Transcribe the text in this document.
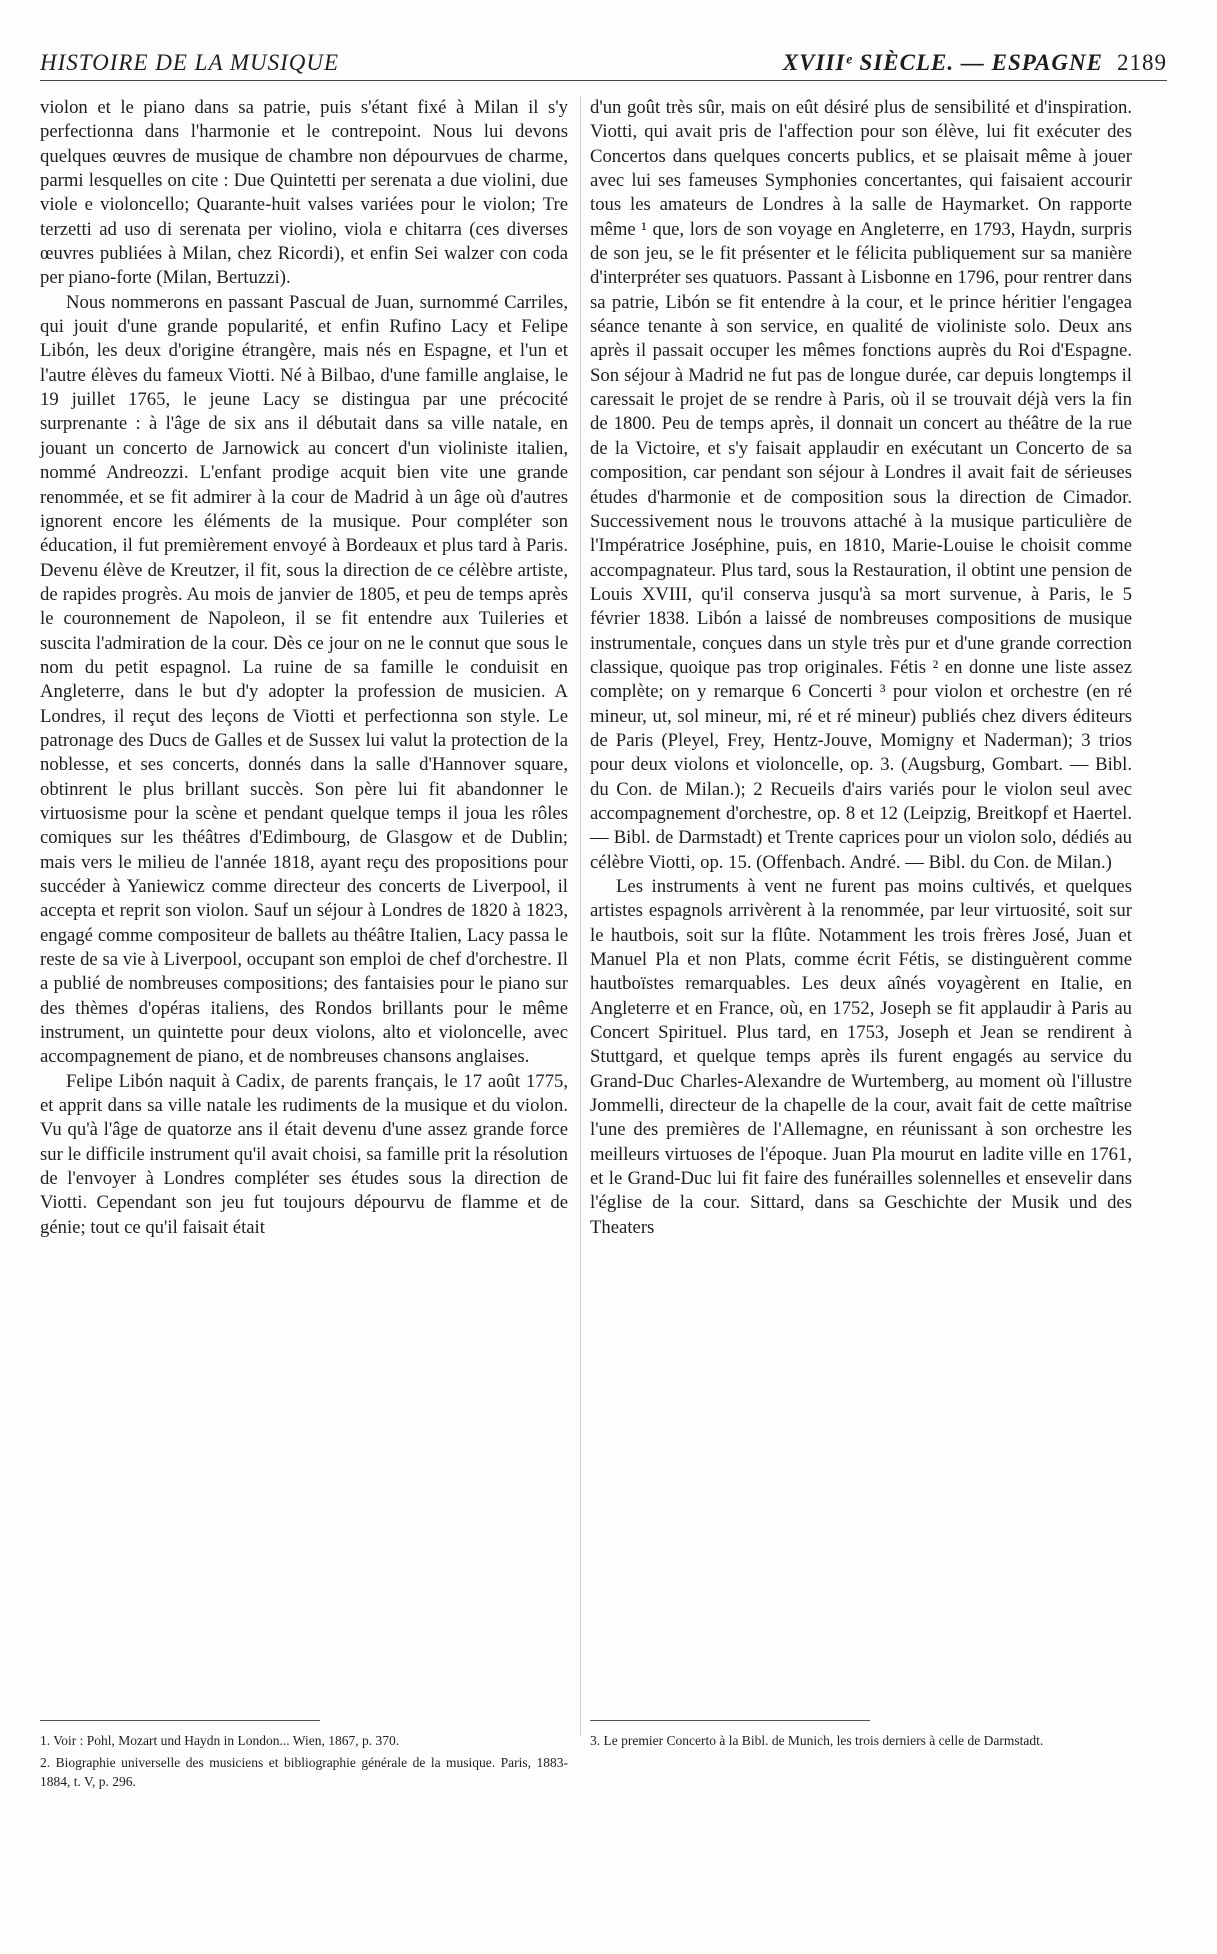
HISTOIRE DE LA MUSIQUE	XVIIIᵉ SIÈCLE. — ESPAGNE 2189

violon et le piano dans sa patrie, puis s'étant fixé à Milan il s'y perfectionna dans l'harmonie et le contrepoint. Nous lui devons quelques œuvres de musique de chambre non dépourvues de charme, parmi lesquelles on cite : Due Quintetti per serenata a due violini, due viole e violoncello; Quarante-huit valses variées pour le violon; Tre terzetti ad uso di serenata per violino, viola e chitarra (ces diverses œuvres publiées à Milan, chez Ricordi), et enfin Sei walzer con coda per piano-forte (Milan, Bertuzzi).

Nous nommerons en passant Pascual de Juan, surnommé Carriles, qui jouit d'une grande popularité, et enfin Rufino Lacy et Felipe Libón, les deux d'origine étrangère, mais nés en Espagne, et l'un et l'autre élèves du fameux Viotti. Né à Bilbao, d'une famille anglaise, le 19 juillet 1765, le jeune Lacy se distingua par une précocité surprenante : à l'âge de six ans il débutait dans sa ville natale, en jouant un concerto de Jarnowick au concert d'un violiniste italien, nommé Andreozzi. L'enfant prodige acquit bien vite une grande renommée, et se fit admirer à la cour de Madrid à un âge où d'autres ignorent encore les éléments de la musique. Pour compléter son éducation, il fut premièrement envoyé à Bordeaux et plus tard à Paris. Devenu élève de Kreutzer, il fit, sous la direction de ce célèbre artiste, de rapides progrès. Au mois de janvier de 1805, et peu de temps après le couronnement de Napoleon, il se fit entendre aux Tuileries et suscita l'admiration de la cour. Dès ce jour on ne le connut que sous le nom du petit espagnol. La ruine de sa famille le conduisit en Angleterre, dans le but d'y adopter la profession de musicien. A Londres, il reçut des leçons de Viotti et perfectionna son style. Le patronage des Ducs de Galles et de Sussex lui valut la protection de la noblesse, et ses concerts, donnés dans la salle d'Hannover square, obtinrent le plus brillant succès. Son père lui fit abandonner le virtuosisme pour la scène et pendant quelque temps il joua les rôles comiques sur les théâtres d'Edimbourg, de Glasgow et de Dublin; mais vers le milieu de l'année 1818, ayant reçu des propositions pour succéder à Yaniewicz comme directeur des concerts de Liverpool, il accepta et reprit son violon. Sauf un séjour à Londres de 1820 à 1823, engagé comme compositeur de ballets au théâtre Italien, Lacy passa le reste de sa vie à Liverpool, occupant son emploi de chef d'orchestre. Il a publié de nombreuses compositions; des fantaisies pour le piano sur des thèmes d'opéras italiens, des Rondos brillants pour le même instrument, un quintette pour deux violons, alto et violoncelle, avec accompagnement de piano, et de nombreuses chansons anglaises.

Felipe Libón naquit à Cadix, de parents français, le 17 août 1775, et apprit dans sa ville natale les rudiments de la musique et du violon. Vu qu'à l'âge de quatorze ans il était devenu d'une assez grande force sur le difficile instrument qu'il avait choisi, sa famille prit la résolution de l'envoyer à Londres compléter ses études sous la direction de Viotti. Cependant son jeu fut toujours dépourvu de flamme et de génie; tout ce qu'il faisait était

d'un goût très sûr, mais on eût désiré plus de sensibilité et d'inspiration. Viotti, qui avait pris de l'affection pour son élève, lui fit exécuter des Concertos dans quelques concerts publics, et se plaisait même à jouer avec lui ses fameuses Symphonies concertantes, qui faisaient accourir tous les amateurs de Londres à la salle de Haymarket. On rapporte même ¹ que, lors de son voyage en Angleterre, en 1793, Haydn, surpris de son jeu, se le fit présenter et le félicita publiquement sur sa manière d'interpréter ses quatuors. Passant à Lisbonne en 1796, pour rentrer dans sa patrie, Libón se fit entendre à la cour, et le prince héritier l'engagea séance tenante à son service, en qualité de violiniste solo. Deux ans après il passait occuper les mêmes fonctions auprès du Roi d'Espagne. Son séjour à Madrid ne fut pas de longue durée, car depuis longtemps il caressait le projet de se rendre à Paris, où il se trouvait déjà vers la fin de 1800. Peu de temps après, il donnait un concert au théâtre de la rue de la Victoire, et s'y faisait applaudir en exécutant un Concerto de sa composition, car pendant son séjour à Londres il avait fait de sérieuses études d'harmonie et de composition sous la direction de Cimador. Successivement nous le trouvons attaché à la musique particulière de l'Impératrice Joséphine, puis, en 1810, Marie-Louise le choisit comme accompagnateur. Plus tard, sous la Restauration, il obtint une pension de Louis XVIII, qu'il conserva jusqu'à sa mort survenue, à Paris, le 5 février 1838. Libón a laissé de nombreuses compositions de musique instrumentale, conçues dans un style très pur et d'une grande correction classique, quoique pas trop originales. Fétis ² en donne une liste assez complète; on y remarque 6 Concerti ³ pour violon et orchestre (en ré mineur, ut, sol mineur, mi, ré et ré mineur) publiés chez divers éditeurs de Paris (Pleyel, Frey, Hentz-Jouve, Momigny et Naderman); 3 trios pour deux violons et violoncelle, op. 3. (Augsburg, Gombart. — Bibl. du Con. de Milan.); 2 Recueils d'airs variés pour le violon seul avec accompagnement d'orchestre, op. 8 et 12 (Leipzig, Breitkopf et Haertel. — Bibl. de Darmstadt) et Trente caprices pour un violon solo, dédiés au célèbre Viotti, op. 15. (Offenbach. André. — Bibl. du Con. de Milan.)

Les instruments à vent ne furent pas moins cultivés, et quelques artistes espagnols arrivèrent à la renommée, par leur virtuosité, soit sur le hautbois, soit sur la flûte. Notamment les trois frères José, Juan et Manuel Pla et non Plats, comme écrit Fétis, se distinguèrent comme hautboïstes remarquables. Les deux aînés voyagèrent en Italie, en Angleterre et en France, où, en 1752, Joseph se fit applaudir à Paris au Concert Spirituel. Plus tard, en 1753, Joseph et Jean se rendirent à Stuttgard, et quelque temps après ils furent engagés au service du Grand-Duc Charles-Alexandre de Wurtemberg, au moment où l'illustre Jommelli, directeur de la chapelle de la cour, avait fait de cette maîtrise l'une des premières de l'Allemagne, en réunissant à son orchestre les meilleurs virtuoses de l'époque. Juan Pla mourut en ladite ville en 1761, et le Grand-Duc lui fit faire des funérailles solennelles et ensevelir dans l'église de la cour. Sittard, dans sa Geschichte der Musik und des Theaters

1. Voir : Pohl, Mozart und Haydn in London... Wien, 1867, p. 370.

2. Biographie universelle des musiciens et bibliographie générale de la musique. Paris, 1883-1884, t. V, p. 296.

3. Le premier Concerto à la Bibl. de Munich, les trois derniers à celle de Darmstadt.
